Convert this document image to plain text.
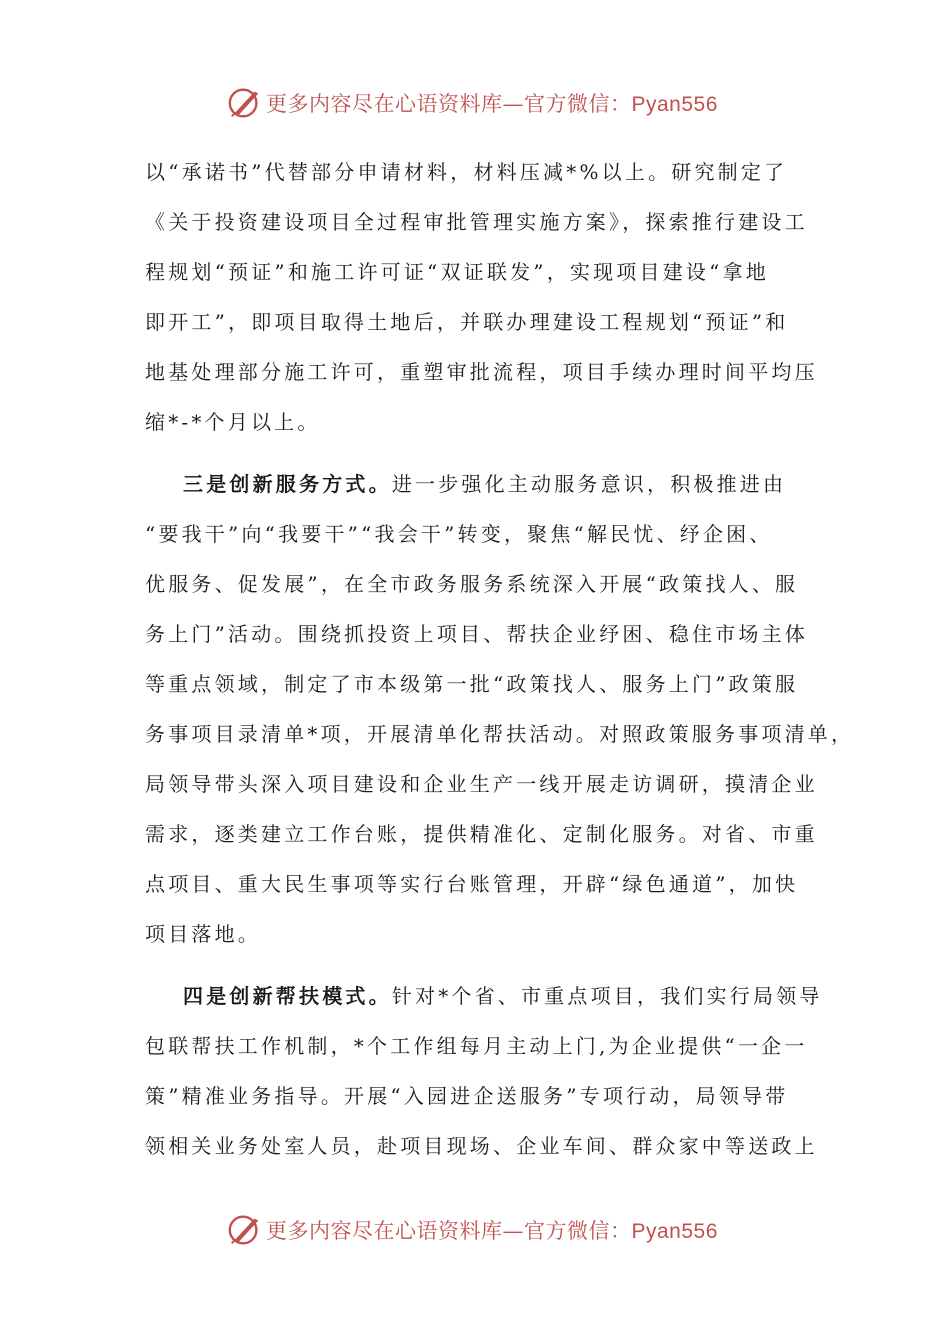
更多内容尽在心语资料库—官方微信：Pyan556
以“承诺书”代替部分申请材料，材料压减*%以上。研究制定了
《关于投资建设项目全过程审批管理实施方案》，探索推行建设工
程规划“预证”和施工许可证“双证联发”，实现项目建设“拿地
即开工”，即项目取得土地后，并联办理建设工程规划“预证”和
地基处理部分施工许可，重塑审批流程，项目手续办理时间平均压
缩*-*个月以上。
三是创新服务方式。进一步强化主动服务意识，积极推进由
“要我干”向“我要干”“我会干”转变，聚焦“解民忧、纾企困、
优服务、促发展”，在全市政务服务系统深入开展“政策找人、服
务上门”活动。围绕抓投资上项目、帮扶企业纾困、稳住市场主体
等重点领域，制定了市本级第一批“政策找人、服务上门”政策服
务事项目录清单*项，开展清单化帮扶活动。对照政策服务事项清单，
局领导带头深入项目建设和企业生产一线开展走访调研，摸清企业
需求，逐类建立工作台账，提供精准化、定制化服务。对省、市重
点项目、重大民生事项等实行台账管理，开辟“绿色通道”，加快
项目落地。
四是创新帮扶模式。针对*个省、市重点项目，我们实行局领导
包联帮扶工作机制，*个工作组每月主动上门,为企业提供“一企一
策”精准业务指导。开展“入园进企送服务”专项行动，局领导带
领相关业务处室人员，赴项目现场、企业车间、群众家中等送政上
更多内容尽在心语资料库—官方微信：Pyan556
